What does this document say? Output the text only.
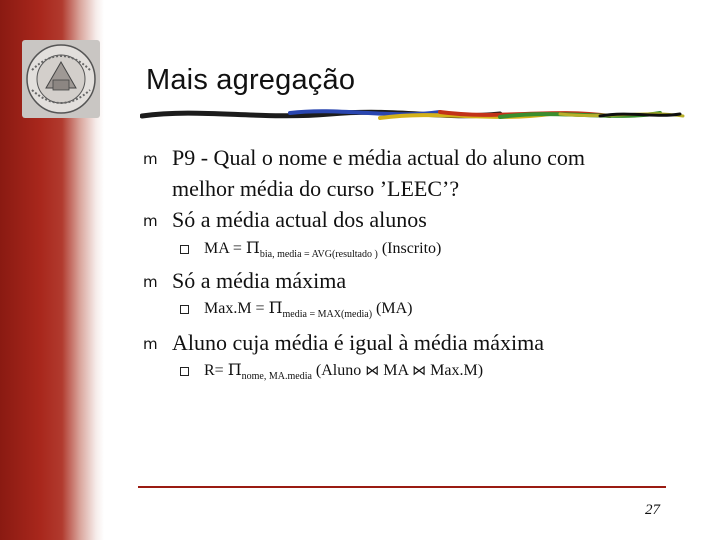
Mais agregação
m P9 - Qual o nome e média actual do aluno com
melhor média do curso ’LEEC’?
m Só a média actual dos alunos
MA = $\Pi_{bia, media = AVG(resultado )}$ (Inscrito)
m Só a média máxima
$Max.M = \Pi_{media = MAX(media)}$ (MA)
m Aluno cuja média é igual à média máxima
$R= \Pi_{nome, MA.media}$ (Aluno ⋈ MA ⋈ Max.M)
27
